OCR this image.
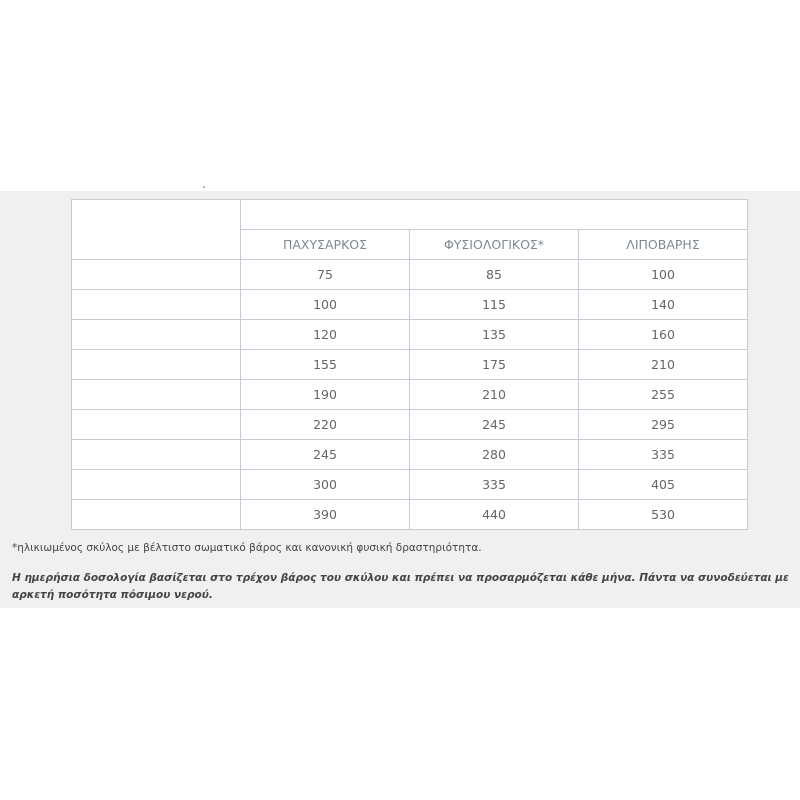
ΒΑΡΟΣ ΤΟΥ ΣΚΥΛΟΥ (KG)	ΗΜΕΡΗΣΙΑ ΔΟΣΟΛΟΓΙΑ (G/ΗΜΕΡΑ)*		
	ΠΑΧΥΣΑΡΚΟΣ	ΦΥΣΙΟΛΟΓΙΚΟΣ*	ΛΙΠΟΒΑΡΗΣ
5	75	85	100
8	100	115	140
10	120	135	160
15	155	175	210
20	190	210	255
25	220	245	295
30	245	280	335
40	300	335	405
60	390	440	530
*ηλικιωμένος σκύλος με βέλτιστο σωματικό βάρος και κανονική φυσική δραστηριότητα.
Η ημερήσια δοσολογία βασίζεται στο τρέχον βάρος του σκύλου και πρέπει να προσαρμόζεται κάθε μήνα. Πάντα να συνοδεύεται με αρκετή ποσότητα πόσιμου νερού.
